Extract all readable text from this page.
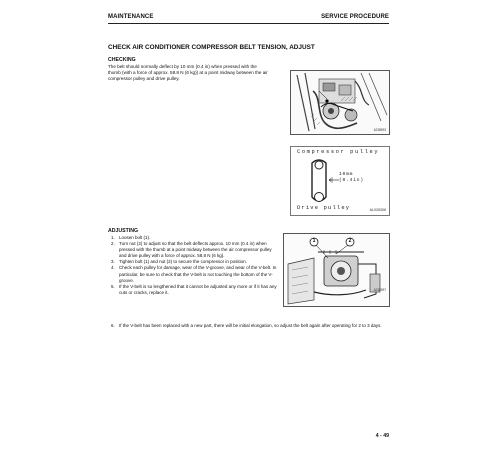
MAINTENANCE	SERVICE PROCEDURE
CHECK AIR CONDITIONER COMPRESSOR BELT TENSION, ADJUST
CHECKING
The belt should normally deflect by 10 mm (0.4 in) when pressed with the thumb (with a force of approx. 58.8 N (6 kg)) at a point midway between the air compressor pulley and drive pulley.
6J38993
Compressor pulley
10mm
(0.4in)
Drive pulley	AL028308
ADJUSTING
1. Loosen bolt (1).
2. Turn nut (2) to adjust so that the belt deflects approx. 10 mm (0.4 in) when pressed with the thumb at a point midway between the air compressor pulley and drive pulley with a force of approx. 58.8 N (6 kg).
3. Tighten bolt (1) and nut (2) to secure the compressor in position.
4. Check each pulley for damage, wear of the V-groove, and wear of the V-belt. In particular, be sure to check that the V-belt is not touching the bottom of the V-groove.
5. If the V-belt is so lengthened that it cannot be adjusted any more or if it has any cuts or cracks, replace it.
6. If the V-belt has been replaced with a new part, there will be initial elongation, so adjust the belt again after operating for 2 to 3 days.
1	2
6J38997
4 - 49
